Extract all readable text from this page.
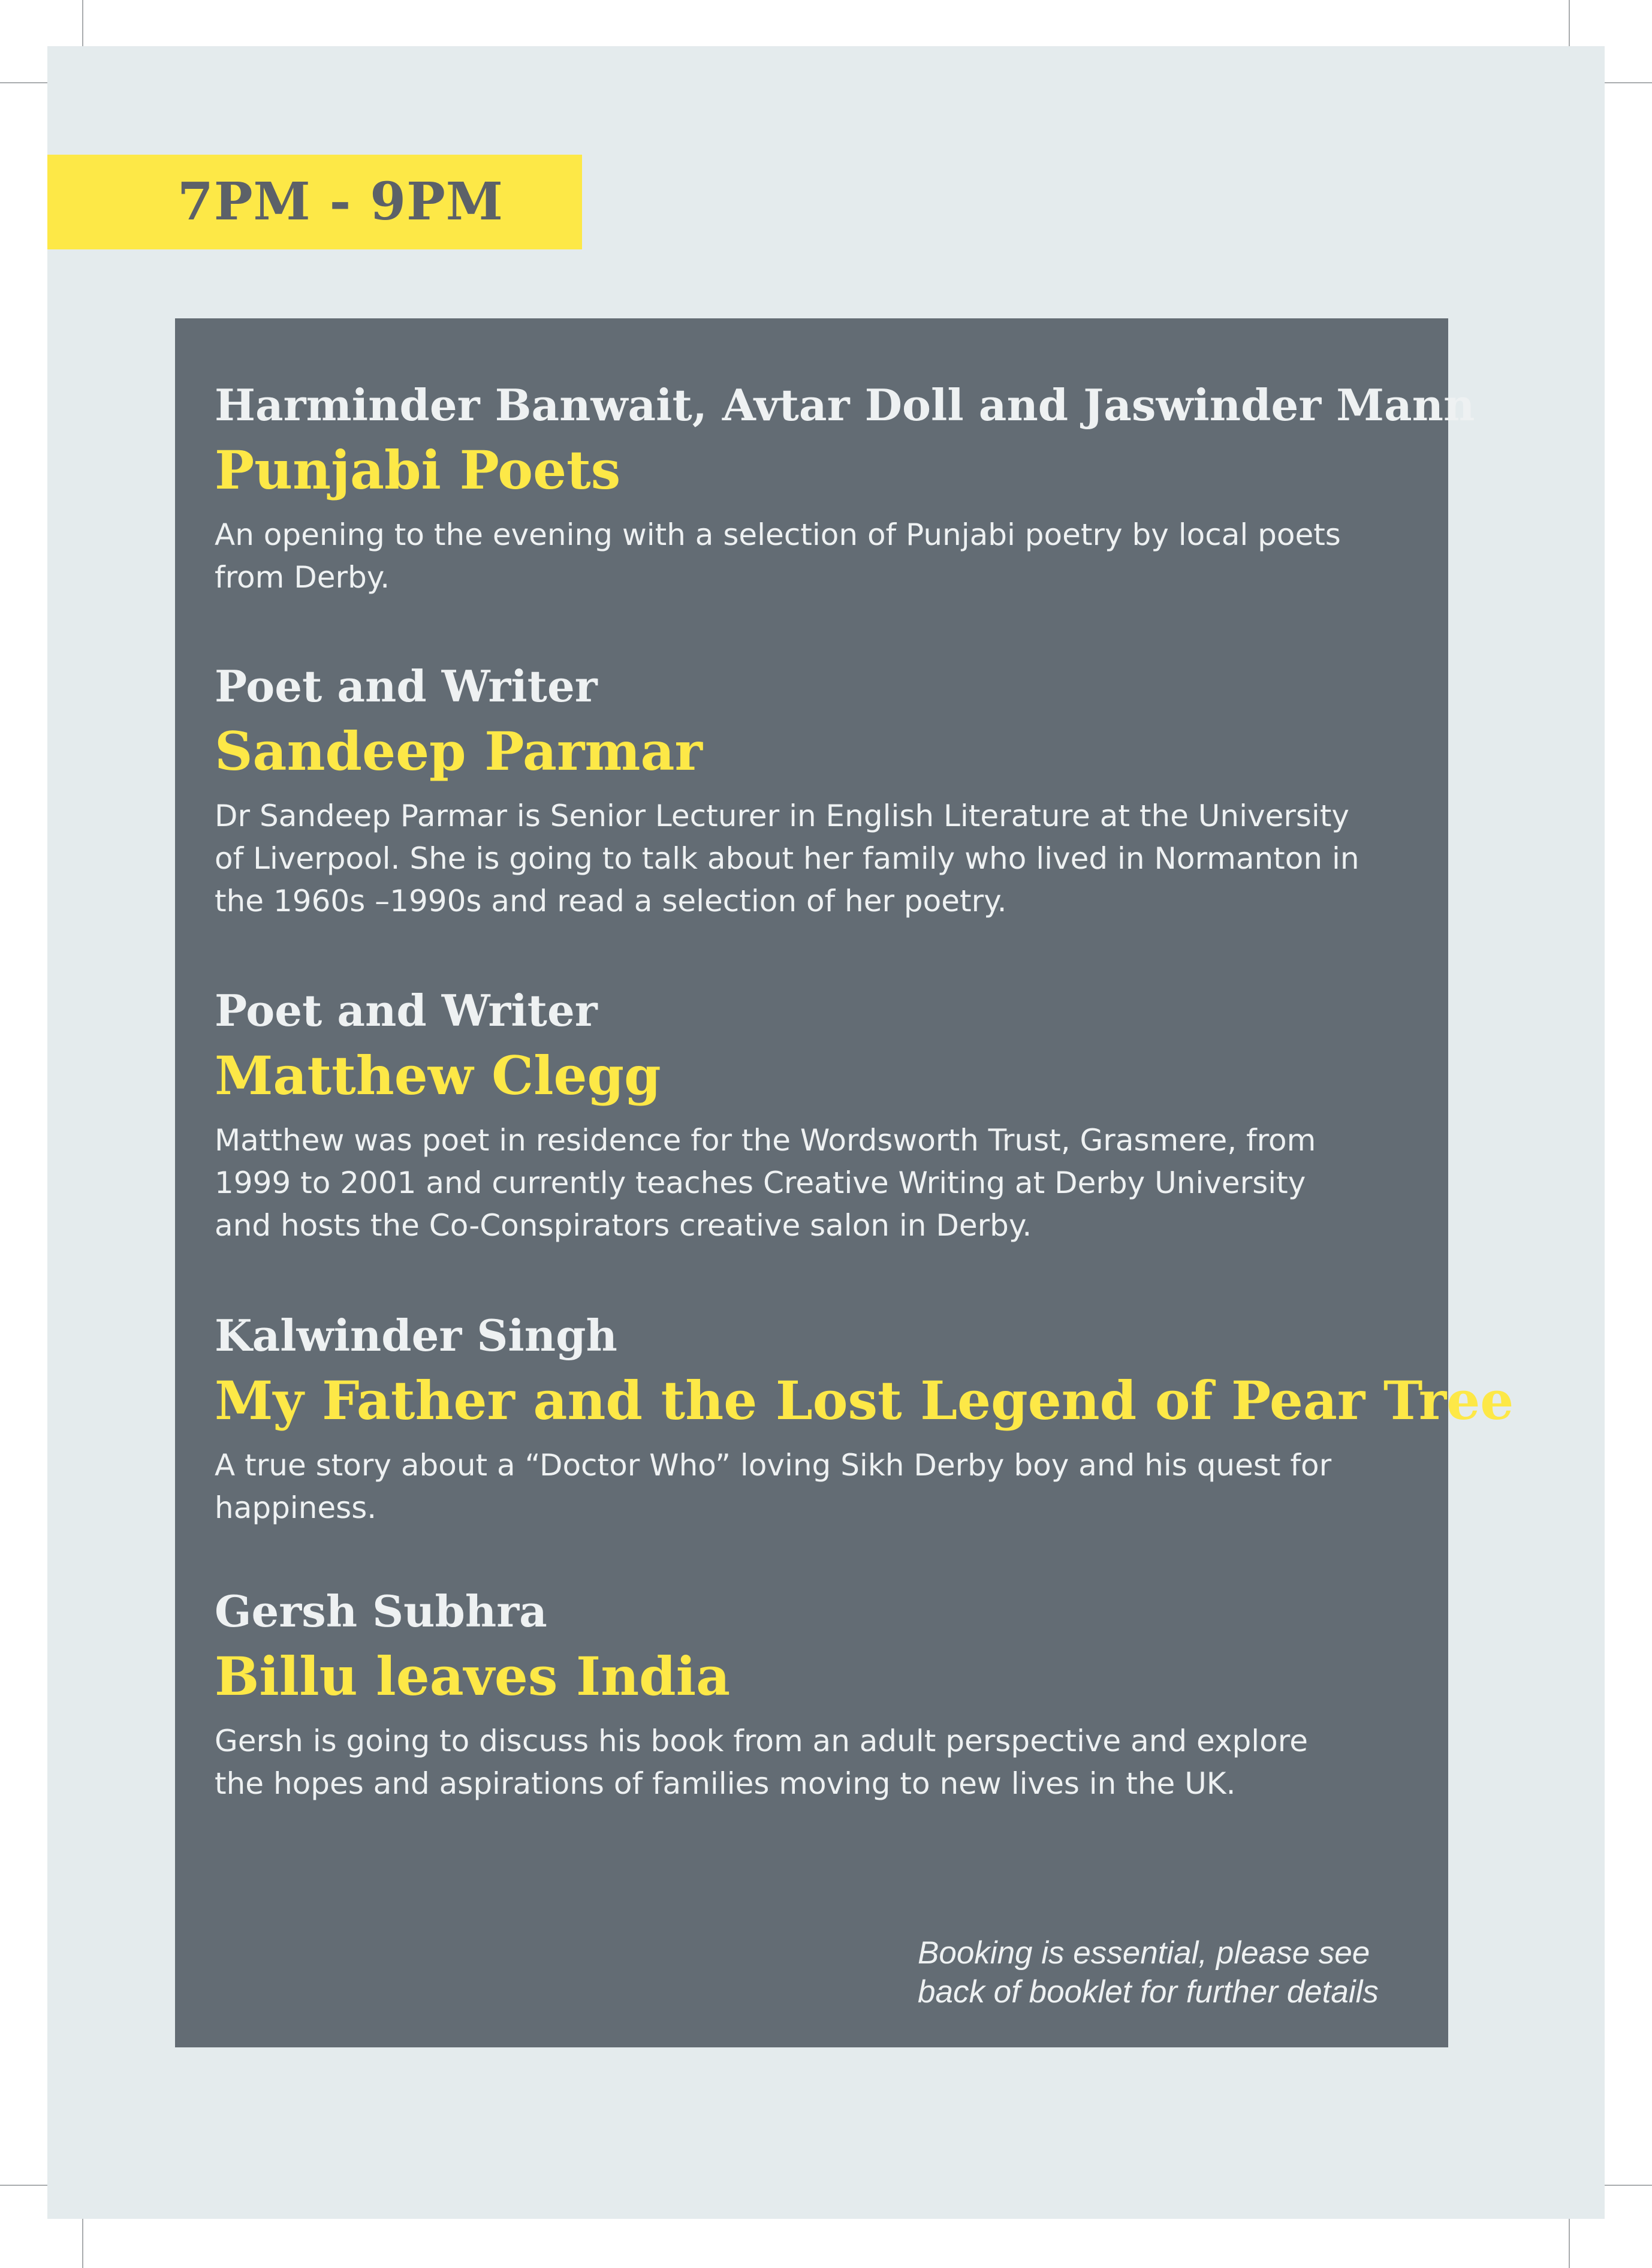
7PM - 9PM
Harminder Banwait, Avtar Doll and Jaswinder Mann
Punjabi Poets
An opening to the evening with a selection of Punjabi poetry by local poets
from Derby.
Poet and Writer
Sandeep Parmar
Dr Sandeep Parmar is Senior Lecturer in English Literature at the University
of Liverpool. She is going to talk about her family who lived in Normanton in
the 1960s –1990s and read a selection of her poetry.
Poet and Writer
Matthew Clegg
Matthew was poet in residence for the Wordsworth Trust, Grasmere, from
1999 to 2001 and currently teaches Creative Writing at Derby University
and hosts the Co-Conspirators creative salon in Derby.
Kalwinder Singh
My Father and the Lost Legend of Pear Tree
A true story about a “Doctor Who” loving Sikh Derby boy and his quest for
happiness.
Gersh Subhra
Billu leaves India
Gersh is going to discuss his book from an adult perspective and explore
the hopes and aspirations of families moving to new lives in the UK.
Booking is essential, please see
back of booklet for further details
